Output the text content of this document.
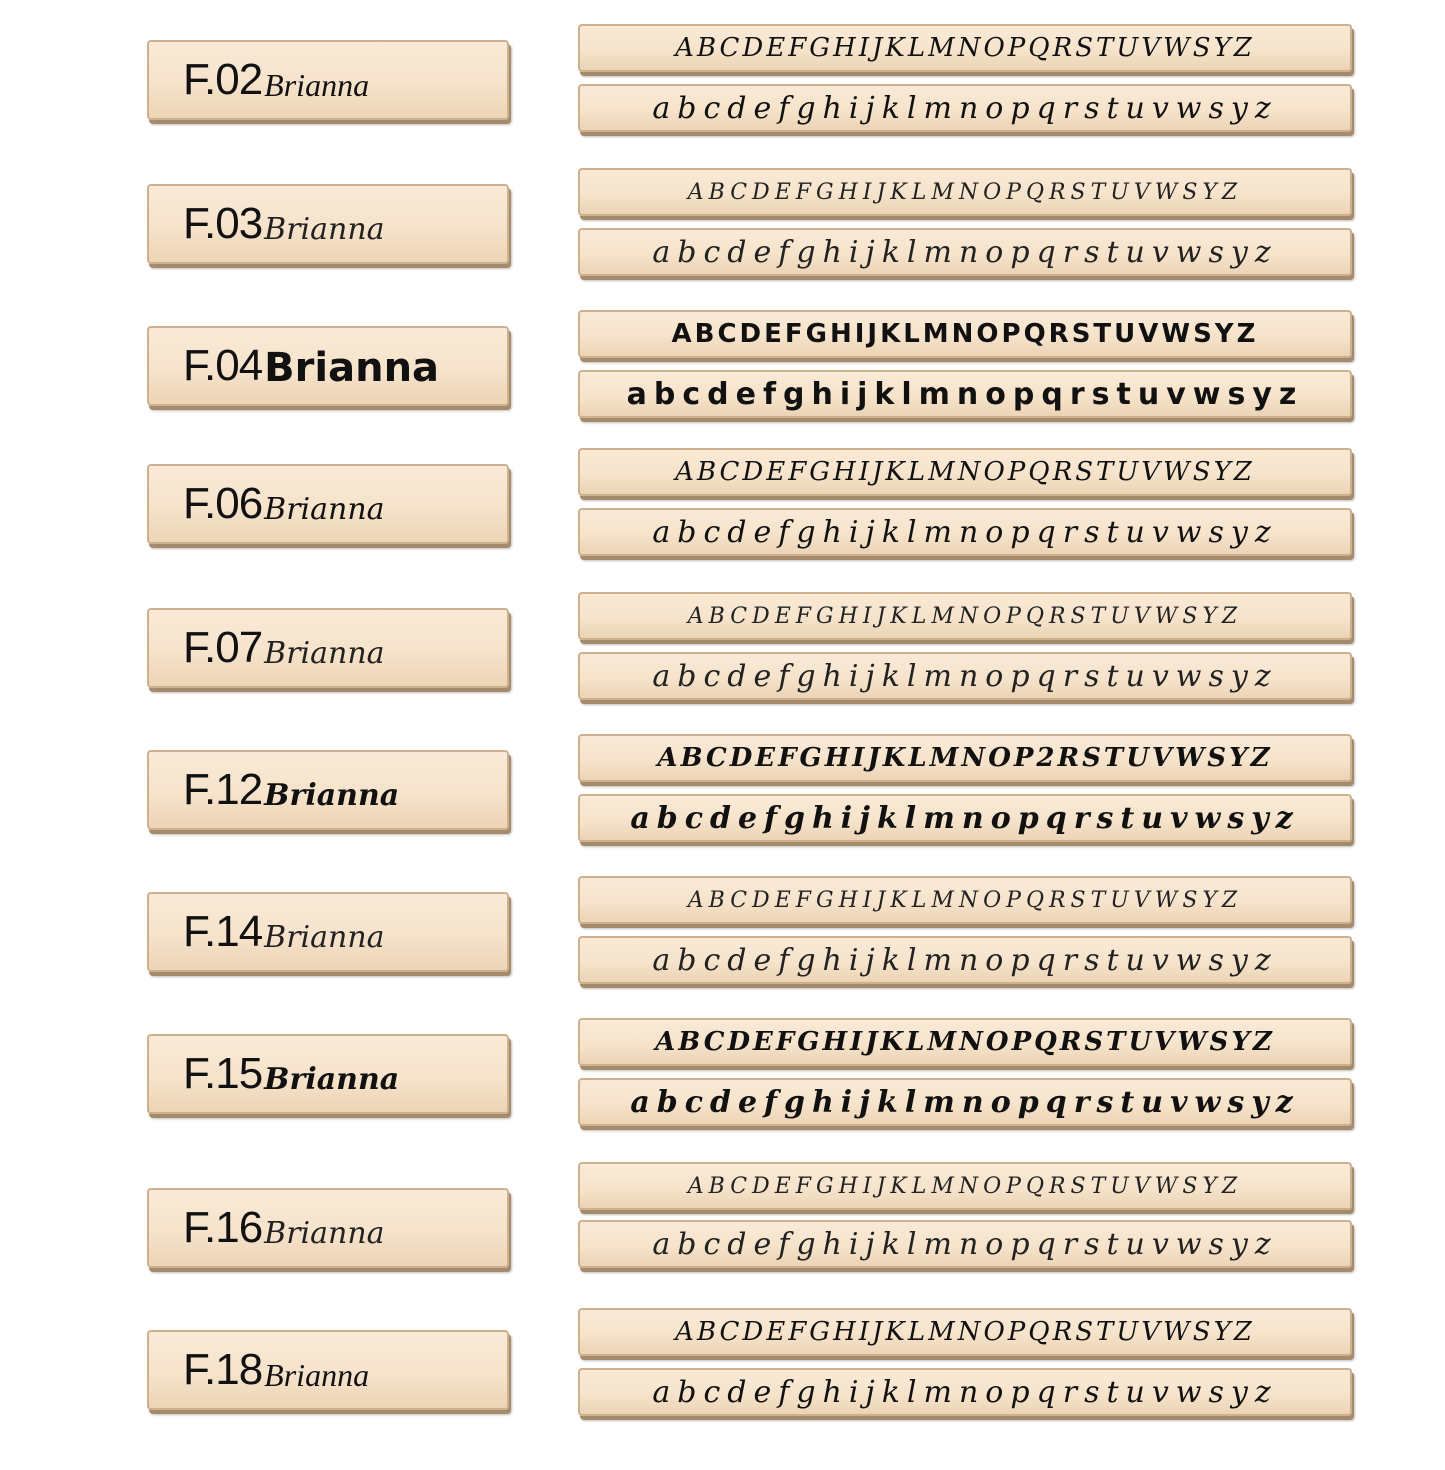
F.02 Brianna
ABCDEFGHIJKLMNOPQRSTUVWSYZ
abcdefghijklmnopqrstuvwsyz
F.03 Brianna
ABCDEFGHIJKLMNOPQRSTUVWSYZ
abcdefghijklmnopqrstuvwsyz
F.04 Brianna
ABCDEFGHIJKLMNOPQRSTUVWSYZ
abcdefghijklmnopqrstuvwsyz
F.06 Brianna
ABCDEFGHIJKLMNOPQRSTUVWSYZ
abcdefghijklmnopqrstuvwsyz
F.07 Brianna
ABCDEFGHIJKLMNOPQRSTUVWSYZ
abcdefghijklmnopqrstuvwsyz
F.12 Brianna
ABCDEFGHIJKLMNOP2RSTUVWSYZ
abcdefghijklmnopqrstuvwsyz
F.14 Brianna
ABCDEFGHIJKLMNOPQRSTUVWSYZ
abcdefghijklmnopqrstuvwsyz
F.15 Brianna
ABCDEFGHIJKLMNOPQRSTUVWSYZ
abcdefghijklmnopqrstuvwsyz
F.16 Brianna
ABCDEFGHIJKLMNOPQRSTUVWSYZ
abcdefghijklmnopqrstuvwsyz
F.18 Brianna
ABCDEFGHIJKLMNOPQRSTUVWSYZ
abcdefghijklmnopqrstuvwsyz
